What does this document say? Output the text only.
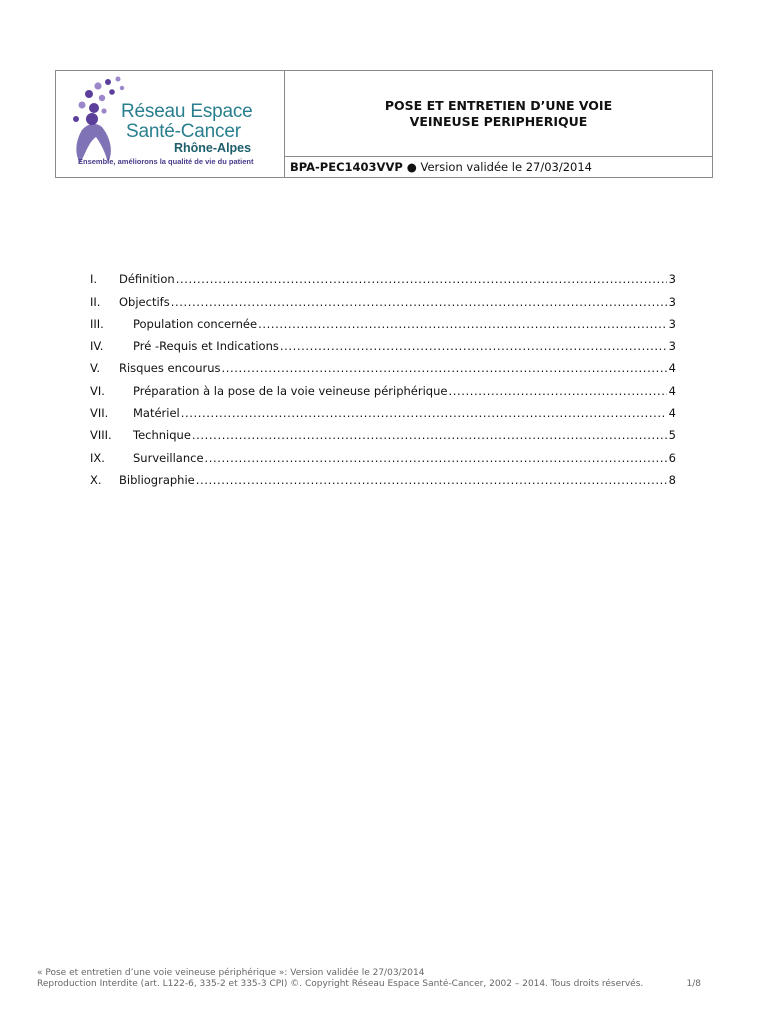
Réseau Espace
Santé-Cancer
Rhône-Alpes
Ensemble, améliorons la qualité de vie du patient
POSE ET ENTRETIEN D’UNE VOIE VEINEUSE PERIPHERIQUE
BPA-PEC1403VVP ● Version validée le 27/03/2014
I.	Définition .....	3
II.	Objectifs .....	3
III.	Population concernée .....	3
IV.	Pré -Requis et Indications .....	3
V.	Risques encourus .....	4
VI.	Préparation à la pose de la voie veineuse périphérique .....	4
VII.	Matériel .....	4
VIII.	Technique .....	5
IX.	Surveillance .....	6
X.	Bibliographie .....	8
« Pose et entretien d’une voie veineuse périphérique »: Version validée le 27/03/2014
Reproduction Interdite (art. L122-6, 335-2 et 335-3 CPI) ©. Copyright Réseau Espace Santé-Cancer, 2002 – 2014. Tous droits réservés.	1/8
